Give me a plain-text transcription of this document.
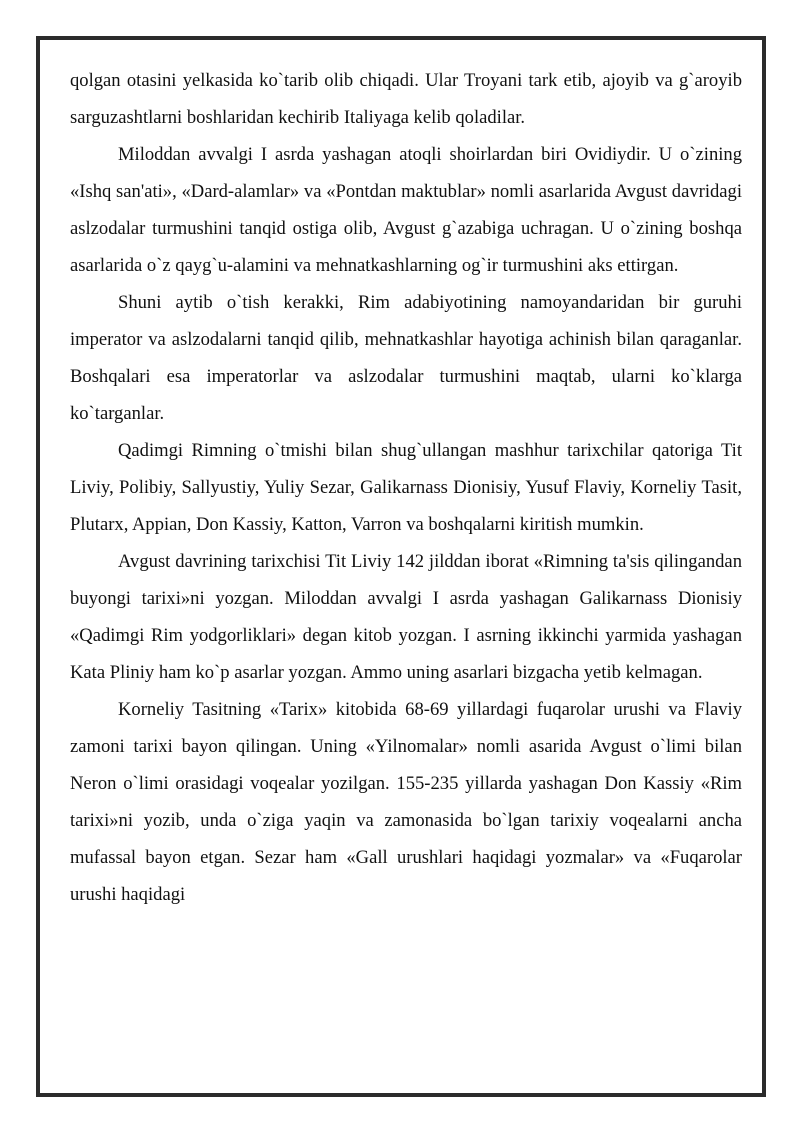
qolgan otasini yelkasida ko`tarib olib chiqadi. Ular Troyani tark etib, ajoyib va g`aroyib sarguzashtlarni boshlaridan kechirib Italiyaga kelib qoladilar.

Miloddan avvalgi I asrda yashagan atoqli shoirlardan biri Ovidiydir. U o`zining «Ishq san'ati», «Dard-alamlar» va «Pontdan maktublar» nomli asarlarida Avgust davridagi aslzodalar turmushini tanqid ostiga olib, Avgust g`azabiga uchragan. U o`zining boshqa asarlarida o`z qayg`u-alamini va mehnatkashlarning og`ir turmushini aks ettirgan.

Shuni aytib o`tish kerakki, Rim adabiyotining namoyandaridan bir guruhi imperator va aslzodalarni tanqid qilib, mehnatkashlar hayotiga achinish bilan qaraganlar. Boshqalari esa imperatorlar va aslzodalar turmushini maqtab, ularni ko`klarga ko`targanlar.

Qadimgi Rimning o`tmishi bilan shug`ullangan mashhur tarixchilar qatoriga Tit Liviy, Polibiy, Sallyustiy, Yuliy Sezar, Galikarnass Dionisiy, Yusuf Flaviy, Korneliy Tasit, Plutarx, Appian, Don Kassiy, Katton, Varron va boshqalarni kiritish mumkin.

Avgust davrining tarixchisi Tit Liviy 142 jilddan iborat «Rimning ta'sis qilingandan buyongi tarixi»ni yozgan. Miloddan avvalgi I asrda yashagan Galikarnass Dionisiy «Qadimgi Rim yodgorliklari» degan kitob yozgan. I asrning ikkinchi yarmida yashagan Kata Pliniy ham ko`p asarlar yozgan. Ammo uning asarlari bizgacha yetib kelmagan.

Korneliy Tasitning «Tarix» kitobida 68-69 yillardagi fuqarolar urushi va Flaviy zamoni tarixi bayon qilingan. Uning «Yilnomalar» nomli asarida Avgust o`limi bilan Neron o`limi orasidagi voqealar yozilgan. 155-235 yillarda yashagan Don Kassiy «Rim tarixi»ni yozib, unda o`ziga yaqin va zamonasida bo`lgan tarixiy voqealarni ancha mufassal bayon etgan. Sezar ham «Gall urushlari haqidagi yozmalar» va «Fuqarolar urushi haqidagi
